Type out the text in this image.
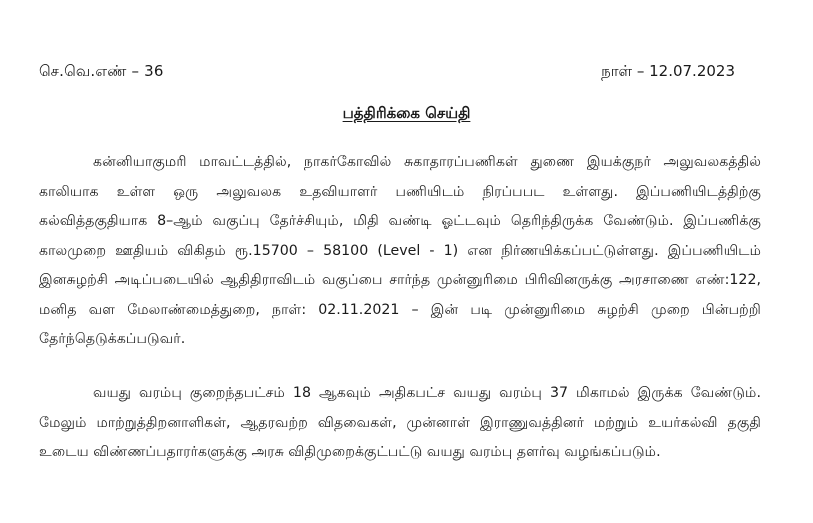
செ.வெ.எண் – 36	நாள் – 12.07.2023
பத்திரிக்கை செய்தி

கன்னியாகுமரி மாவட்டத்தில், நாகர்கோவில் சுகாதாரப்பணிகள் துணை இயக்குநர் அலுவலகத்தில் காலியாக உள்ள ஒரு அலுவலக உதவியாளர் பணியிடம் நிரப்பபட உள்ளது. இப்பணியிடத்திற்கு கல்வித்தகுதியாக 8–ஆம் வகுப்பு தேர்ச்சியும், மிதி வண்டி ஓட்டவும் தெரிந்திருக்க வேண்டும். இப்பணிக்கு காலமுறை ஊதியம் விகிதம் ரூ.15700 – 58100 (Level - 1) என நிர்ணயிக்கப்பட்டுள்ளது. இப்பணியிடம் இனசுழற்சி அடிப்படையில் ஆதிதிராவிடம் வகுப்பை சார்ந்த முன்னுரிமை பிரிவினருக்கு அரசாணை எண்:122, மனித வள மேலாண்மைத்துறை, நாள்: 02.11.2021 – இன் படி முன்னுரிமை சுழற்சி முறை பின்பற்றி தேர்ந்தெடுக்கப்படுவர்.

வயது வரம்பு குறைந்தபட்சம் 18 ஆகவும் அதிகபட்ச வயது வரம்பு 37 மிகாமல் இருக்க வேண்டும். மேலும் மாற்றுத்திறனாளிகள், ஆதரவற்ற விதவைகள், முன்னாள் இராணுவத்தினர் மற்றும் உயர்கல்வி தகுதி உடைய விண்ணப்பதாரர்களுக்கு அரசு விதிமுறைக்குட்பட்டு வயது வரம்பு தளர்வு வழங்கப்படும்.
